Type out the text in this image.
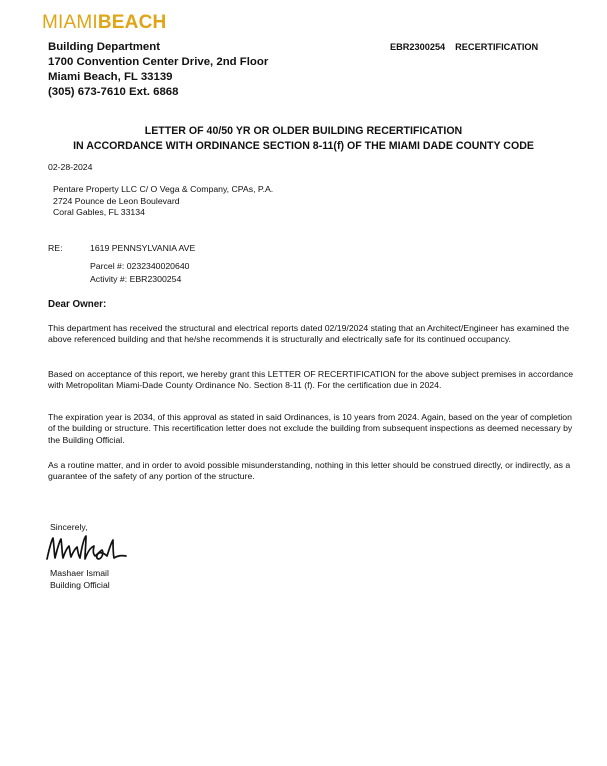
MIAMIBEACH
Building Department
1700 Convention Center Drive, 2nd Floor
Miami Beach, FL 33139
(305) 673-7610 Ext. 6868
EBR2300254 RECERTIFICATION
LETTER OF 40/50 YR OR OLDER BUILDING RECERTIFICATION
IN ACCORDANCE WITH ORDINANCE SECTION 8-11(f) OF THE MIAMI DADE COUNTY CODE
02-28-2024
Pentare Property LLC C/ O Vega & Company, CPAs, P.A.
2724 Pounce de Leon Boulevard
Coral Gables, FL 33134
RE:	1619 PENNSYLVANIA AVE
Parcel #: 0232340020640
Activity #: EBR2300254
Dear Owner:
This department has received the structural and electrical reports dated 02/19/2024 stating that an Architect/Engineer has examined the above referenced building and that he/she recommends it is structurally and electrically safe for its continued occupancy.
Based on acceptance of this report, we hereby grant this LETTER OF RECERTIFICATION for the above subject premises in accordance with Metropolitan Miami-Dade County Ordinance No. Section 8-11 (f). For the certification due in 2024.
The expiration year is 2034, of this approval as stated in said Ordinances, is 10 years from 2024. Again, based on the year of completion of the building or structure. This recertification letter does not exclude the building from subsequent inspections as deemed necessary by the Building Official.
As a routine matter, and in order to avoid possible misunderstanding, nothing in this letter should be construed directly, or indirectly, as a guarantee of the safety of any portion of the structure.
Sincerely,
Mashaer Ismail
Building Official
